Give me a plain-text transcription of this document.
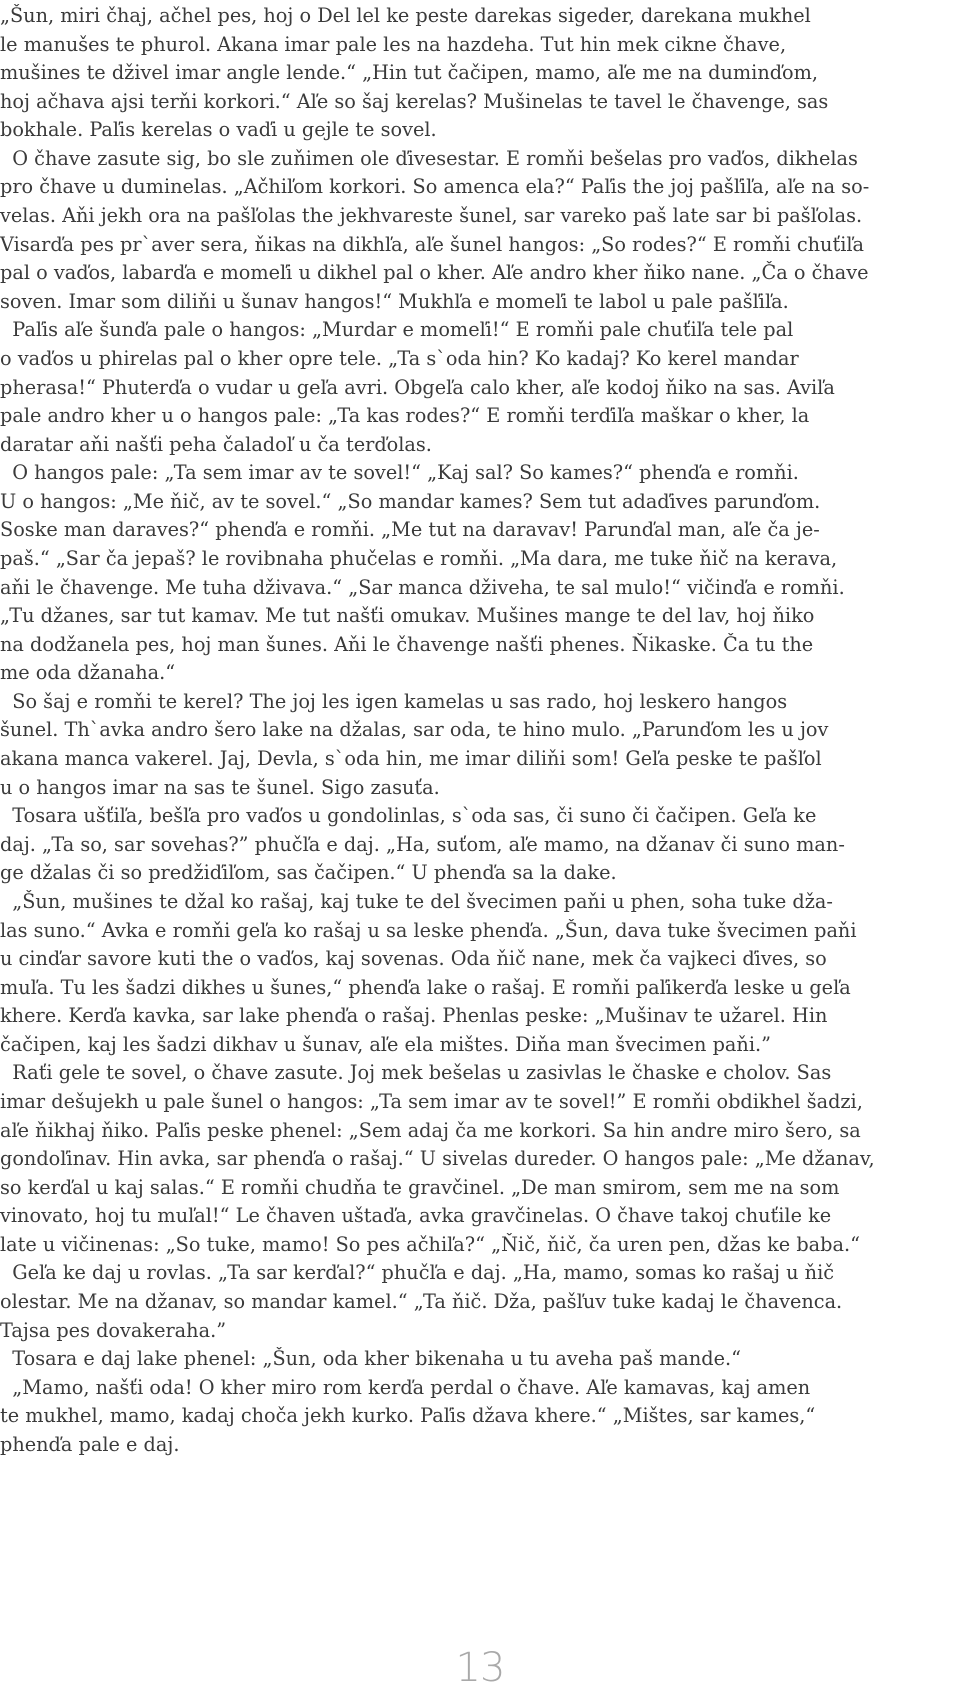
„Šun, miri čhaj, ačhel pes, hoj o Del lel ke peste darekas sigeder, darekana mukhel
le manušes te phurol. Akana imar pale les na hazdeha. Tut hin mek cikne čhave,
mušines te dživel imar angle lende.“ „Hin tut čačipen, mamo, aľe me na duminďom,
hoj ačhava ajsi terňi korkori.“ Aľe so šaj kerelas? Mušinelas te tavel le čhavenge, sas
bokhale. Paľis kerelas o vaďi u gejle te sovel.
O čhave zasute sig, bo sle zuňimen ole ďivesestar. E romňi bešelas pro vaďos, dikhelas
pro čhave u duminelas. „Ačhiľom korkori. So amenca ela?“ Paľis the joj pašľiľa, aľe na so-
velas. Aňi jekh ora na pašľolas the jekhvareste šunel, sar vareko paš late sar bi pašľolas.
Visarďa pes pr`aver sera, ňikas na dikhľa, aľe šunel hangos: „So rodes?“ E romňi chuťiľa
pal o vaďos, labarďa e momeľi u dikhel pal o kher. Aľe andro kher ňiko nane. „Ča o čhave
soven. Imar som diliňi u šunav hangos!“ Mukhľa e momeľi te labol u pale pašľiľa.
Paľis aľe šunďa pale o hangos: „Murdar e momeľi!“ E romňi pale chuťiľa tele pal
o vaďos u phirelas pal o kher opre tele. „Ta s`oda hin? Ko kadaj? Ko kerel mandar
pherasa!“ Phuterďa o vudar u geľa avri. Obgeľa calo kher, aľe kodoj ňiko na sas. Aviľa
pale andro kher u o hangos pale: „Ta kas rodes?“ E romňi terďiľa maškar o kher, la
daratar aňi našťi peha čaladoľ u ča terďolas.
O hangos pale: „Ta sem imar av te sovel!“ „Kaj sal? So kames?“ phenďa e romňi.
U o hangos: „Me ňič, av te sovel.“ „So mandar kames? Sem tut adaďives parunďom.
Soske man daraves?“ phenďa e romňi. „Me tut na daravav! Parunďal man, aľe ča je-
paš.“ „Sar ča jepaš? le rovibnaha phučelas e romňi. „Ma dara, me tuke ňič na kerava,
aňi le čhavenge. Me tuha dživava.“ „Sar manca dživeha, te sal mulo!“ vičinďa e romňi.
„Tu džanes, sar tut kamav. Me tut našťi omukav. Mušines mange te del lav, hoj ňiko
na dodžanela pes, hoj man šunes. Aňi le čhavenge našťi phenes. Ňikaske. Ča tu the
me oda džanaha.“
So šaj e romňi te kerel? The joj les igen kamelas u sas rado, hoj leskero hangos
šunel. Th`avka andro šero lake na džalas, sar oda, te hino mulo. „Parunďom les u jov
akana manca vakerel. Jaj, Devla, s`oda hin, me imar diliňi som! Geľa peske te pašľol
u o hangos imar na sas te šunel. Sigo zasuťa.
Tosara ušťiľa, bešľa pro vaďos u gondolinlas, s`oda sas, či suno či čačipen. Geľa ke
daj. „Ta so, sar sovehas?” phučľa e daj. „Ha, suťom, aľe mamo, na džanav či suno man-
ge džalas či so predžiďiľom, sas čačipen.“ U phenďa sa la dake.
„Šun, mušines te džal ko rašaj, kaj tuke te del švecimen paňi u phen, soha tuke dža-
las suno.“ Avka e romňi geľa ko rašaj u sa leske phenďa. „Šun, dava tuke švecimen paňi
u cinďar savore kuti the o vaďos, kaj sovenas. Oda ňič nane, mek ča vajkeci ďives, so
muľa. Tu les šadzi dikhes u šunes,“ phenďa lake o rašaj. E romňi paľikerďa leske u geľa
khere. Kerďa kavka, sar lake phenďa o rašaj. Phenlas peske: „Mušinav te užarel. Hin
čačipen, kaj les šadzi dikhav u šunav, aľe ela mištes. Diňa man švecimen paňi.”
Raťi gele te sovel, o čhave zasute. Joj mek bešelas u zasivlas le čhaske e cholov. Sas
imar dešujekh u pale šunel o hangos: „Ta sem imar av te sovel!” E romňi obdikhel šadzi,
aľe ňikhaj ňiko. Paľis peske phenel: „Sem adaj ča me korkori. Sa hin andre miro šero, sa
gondoľinav. Hin avka, sar phenďa o rašaj.“ U sivelas dureder. O hangos pale: „Me džanav,
so kerďal u kaj salas.“ E romňi chudňa te gravčinel. „De man smirom, sem me na som
vinovato, hoj tu muľal!“ Le čhaven uštaďa, avka gravčinelas. O čhave takoj chuťile ke
late u vičinenas: „So tuke, mamo! So pes ačhiľa?“ „Ňič, ňič, ča uren pen, džas ke baba.“
Geľa ke daj u rovlas. „Ta sar kerďal?“ phučľa e daj. „Ha, mamo, somas ko rašaj u ňič
olestar. Me na džanav, so mandar kamel.“ „Ta ňič. Dža, pašľuv tuke kadaj le čhavenca.
Tajsa pes dovakeraha.”
Tosara e daj lake phenel: „Šun, oda kher bikenaha u tu aveha paš mande.“
„Mamo, našťi oda! O kher miro rom kerďa perdal o čhave. Aľe kamavas, kaj amen
te mukhel, mamo, kadaj choča jekh kurko. Paľis džava khere.“ „Mištes, sar kames,“
phenďa pale e daj.
13
